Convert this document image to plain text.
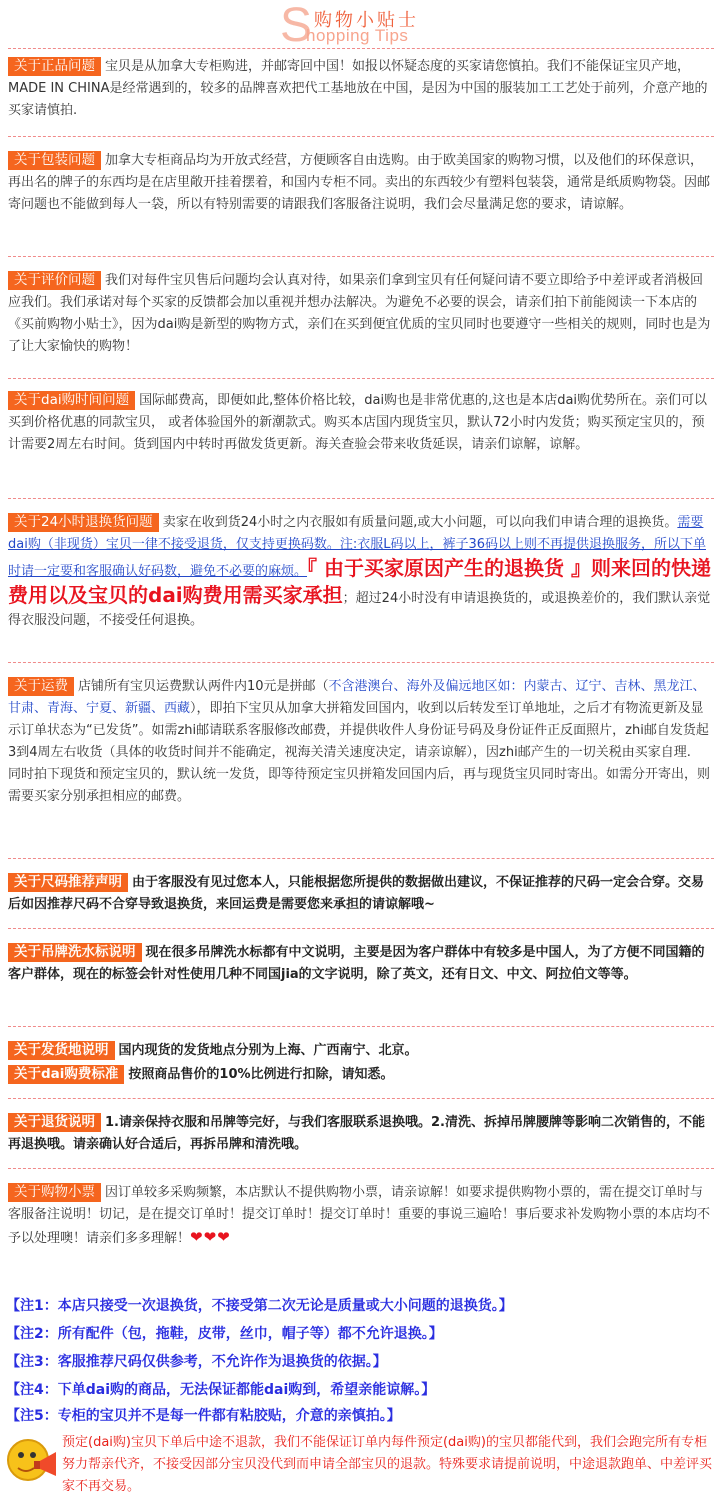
S 购物小贴士
hopping Tips
关于正品问题 宝贝是从加拿大专柜购进，并邮寄回中国！如报以怀疑态度的买家请您慎拍。我们不能保证宝贝产地，MADE IN CHINA是经常遇到的，较多的品牌喜欢把代工基地放在中国，是因为中国的服装加工工艺处于前列，介意产地的买家请慎拍.
关于包装问题 加拿大专柜商品均为开放式经营，方便顾客自由选购。由于欧美国家的购物习惯，以及他们的环保意识，再出名的牌子的东西均是在店里敞开挂着摆着，和国内专柜不同。卖出的东西较少有塑料包装袋，通常是纸质购物袋。因邮寄问题也不能做到每人一袋，所以有特别需要的请跟我们客服备注说明，我们会尽量满足您的要求，请谅解。
关于评价问题 我们对每件宝贝售后问题均会认真对待，如果亲们拿到宝贝有任何疑问请不要立即给予中差评或者消极回应我们。我们承诺对每个买家的反馈都会加以重视并想办法解决。为避免不必要的误会，请亲们拍下前能阅读一下本店的《买前购物小贴士》，因为dai购是新型的购物方式，亲们在买到便宜优质的宝贝同时也要遵守一些相关的规则，同时也是为了让大家愉快的购物！
关于dai购时间问题 国际邮费高，即便如此,整体价格比较，dai购也是非常优惠的,这也是本店dai购优势所在。亲们可以买到价格优惠的同款宝贝， 或者体验国外的新潮款式。购买本店国内现货宝贝，默认72小时内发货；购买预定宝贝的，预计需要2周左右时间。货到国内中转时再做发货更新。海关查验会带来收货延误，请亲们谅解，谅解。
关于24小时退换货问题 卖家在收到货24小时之内衣服如有质量问题,或大小问题，可以向我们申请合理的退换货。需要dai购（非现货）宝贝一律不接受退货，仅支持更换码数。注:衣服L码以上，裤子36码以上则不再提供退换服务，所以下单时请一定要和客服确认好码数，避免不必要的麻烦。『 由于买家原因产生的退换货 』则来回的快递费用以及宝贝的dai购费用需买家承担；超过24小时没有申请退换货的，或退换差价的，我们默认亲觉得衣服没问题，不接受任何退换。
关于运费 店铺所有宝贝运费默认两件内10元是拼邮（不含港澳台、海外及偏远地区如：内蒙古、辽宁、吉林、黑龙江、甘肃、青海、宁夏、新疆、西藏），即拍下宝贝从加拿大拼箱发回国内，收到以后转发至订单地址，之后才有物流更新及显示订单状态为“已发货”。如需zhi邮请联系客服修改邮费，并提供收件人身份证号码及身份证件正反面照片，zhi邮自发货起3到4周左右收货（具体的收货时间并不能确定，视海关清关速度决定，请亲谅解），因zhi邮产生的一切关税由买家自理.
同时拍下现货和预定宝贝的，默认统一发货，即等待预定宝贝拼箱发回国内后，再与现货宝贝同时寄出。如需分开寄出，则需要买家分别承担相应的邮费。
关于尺码推荐声明 由于客服没有见过您本人，只能根据您所提供的数据做出建议，不保证推荐的尺码一定会合穿。交易后如因推荐尺码不合穿导致退换货，来回运费是需要您来承担的请谅解哦~
关于吊牌洗水标说明 现在很多吊牌洗水标都有中文说明，主要是因为客户群体中有较多是中国人，为了方便不同国籍的客户群体，现在的标签会针对性使用几种不同国jia的文字说明，除了英文，还有日文、中文、阿拉伯文等等。
关于发货地说明 国内现货的发货地点分别为上海、广西南宁、北京。
关于dai购费标准 按照商品售价的10%比例进行扣除，请知悉。
关于退货说明 1.请亲保持衣服和吊牌等完好，与我们客服联系退换哦。2.清洗、拆掉吊牌腰牌等影响二次销售的，不能再退换哦。请亲确认好合适后，再拆吊牌和清洗哦。
关于购物小票 因订单较多采购频繁，本店默认不提供购物小票，请亲谅解！如要求提供购物小票的，需在提交订单时与客服备注说明！切记，是在提交订单时！提交订单时！提交订单时！重要的事说三遍哈！事后要求补发购物小票的本店均不予以处理噢！请亲们多多理解！❤❤❤
【注1：本店只接受一次退换货，不接受第二次无论是质量或大小问题的退换货。】
【注2：所有配件（包，拖鞋，皮带，丝巾，帽子等）都不允许退换。】
【注3：客服推荐尺码仅供参考，不允许作为退换货的依据。】
【注4：下单dai购的商品，无法保证都能dai购到，希望亲能谅解。】
【注5：专柜的宝贝并不是每一件都有粘胶贴，介意的亲慎拍。】
预定(dai购)宝贝下单后中途不退款，我们不能保证订单内每件预定(dai购)的宝贝都能代到，我们会跑完所有专柜努力帮亲代齐，不接受因部分宝贝没代到而申请全部宝贝的退款。特殊要求请提前说明，中途退款跑单、中差评买家不再交易。
